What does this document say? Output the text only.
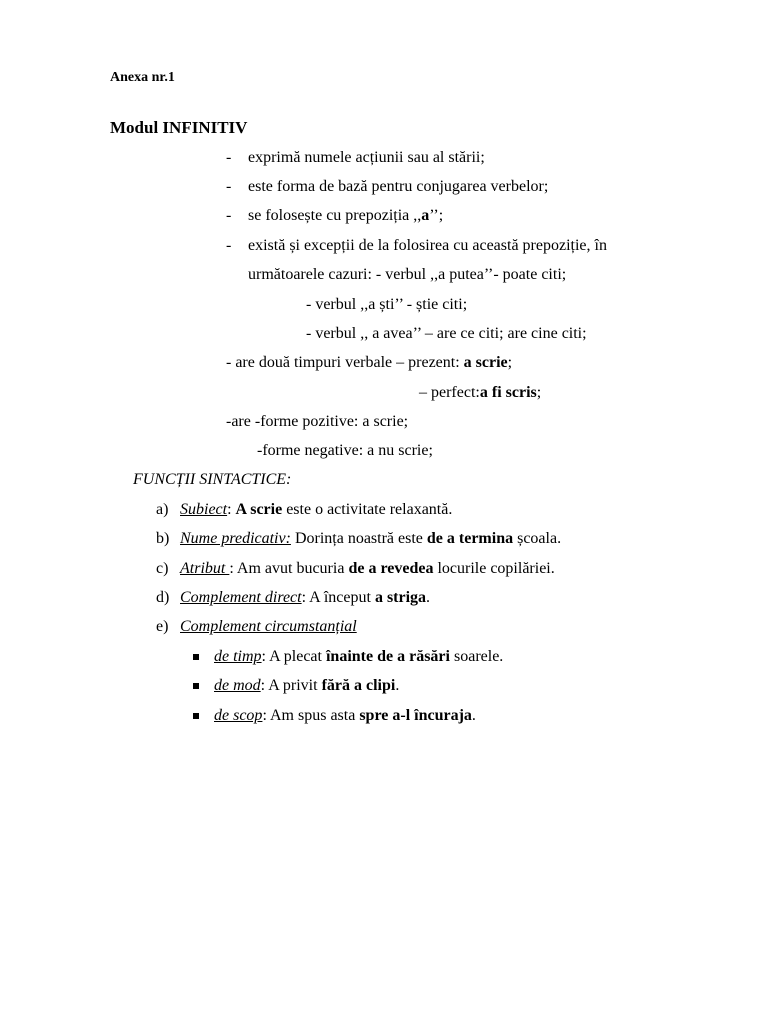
Anexa nr.1
Modul INFINITIV
- exprimă numele acțiunii sau al stării;
- este forma de bază pentru conjugarea verbelor;
- se folosește cu prepoziția ,,a’’;
- există și excepții de la folosirea cu această prepoziție, în
următoarele cazuri: - verbul ,,a putea’’- poate citi;
- verbul ,,a ști’’ - știe citi;
- verbul ,, a avea’’ – are ce citi; are cine citi;
- are două timpuri verbale – prezent: a scrie;
– perfect:a fi scris;
-are -forme pozitive: a scrie;
-forme negative: a nu scrie;
FUNCȚII SINTACTICE:
a) Subiect: A scrie este o activitate relaxantă.
b) Nume predicativ: Dorința noastră este de a termina școala.
c) Atribut : Am avut bucuria de a revedea locurile copilăriei.
d) Complement direct: A început a striga.
e) Complement circumstanțial
de timp: A plecat înainte de a răsări soarele.
de mod: A privit fără a clipi.
de scop: Am spus asta spre a-l încuraja.
